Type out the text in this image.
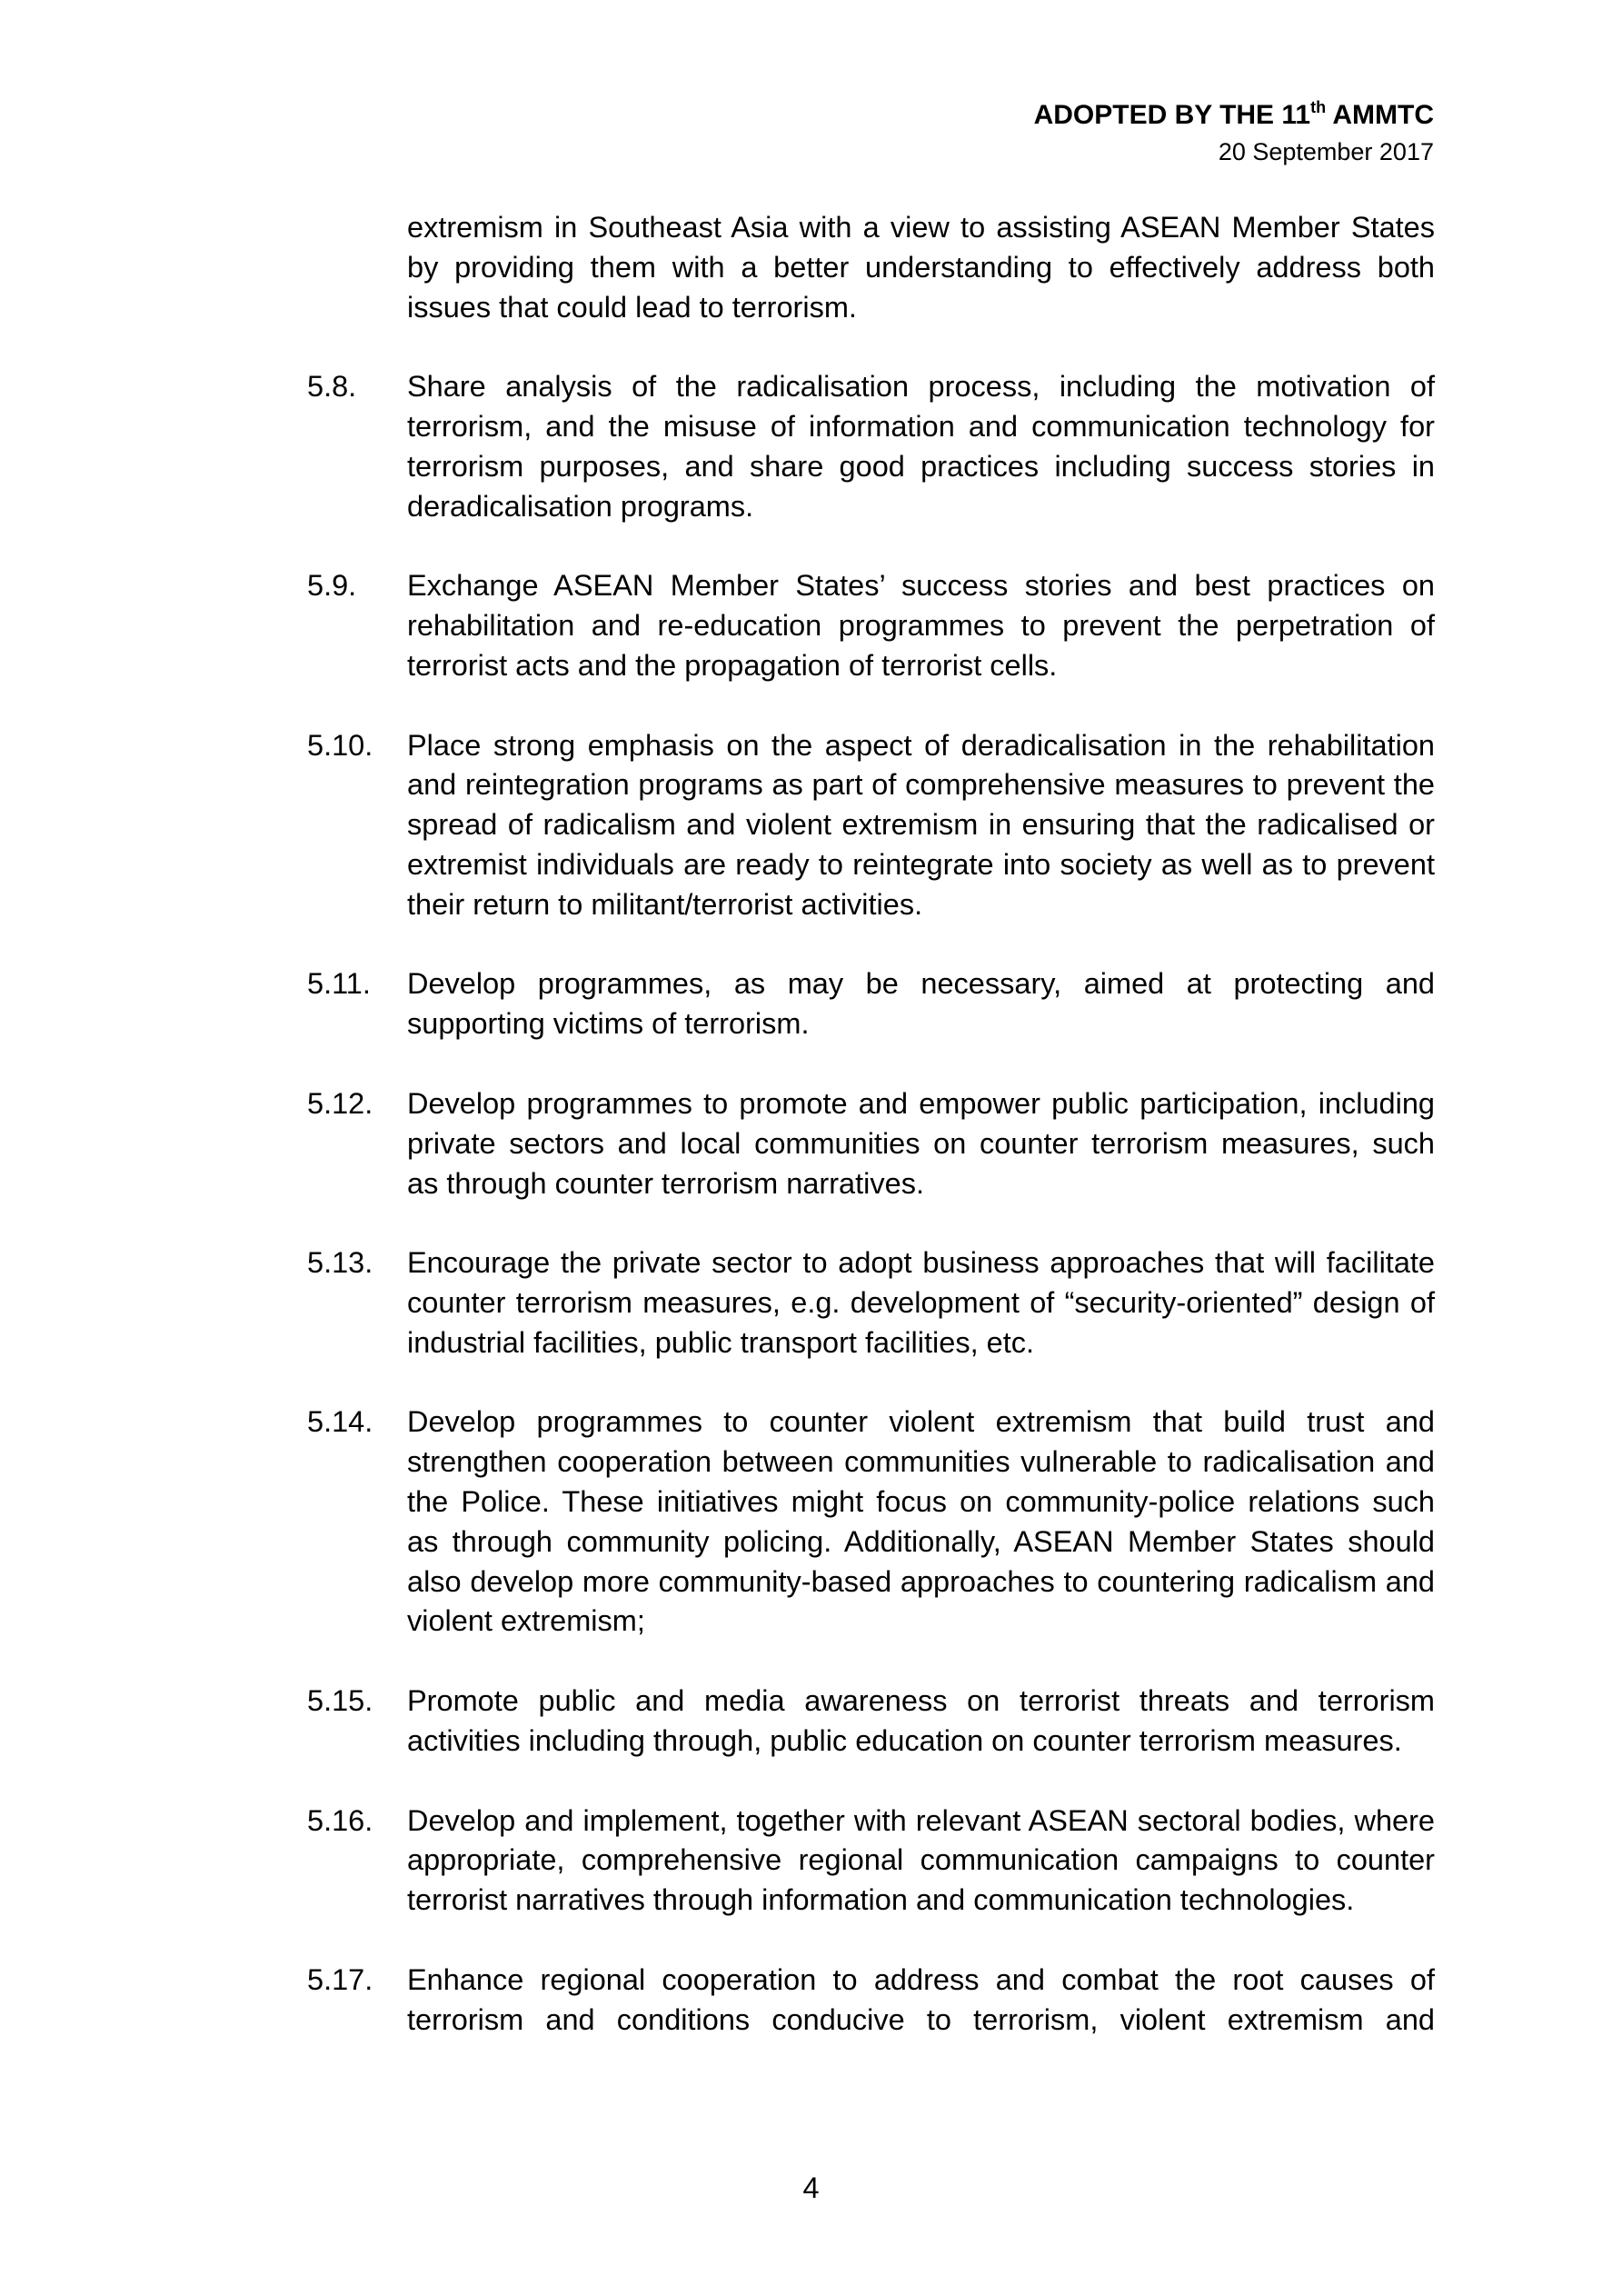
ADOPTED BY THE 11th AMMTC
20 September 2017
extremism in Southeast Asia with a view to assisting ASEAN Member States
by providing them with a better understanding to effectively address both
issues that could lead to terrorism.
5.8.	Share analysis of the radicalisation process, including the motivation of
terrorism, and the misuse of information and communication technology for
terrorism purposes, and share good practices including success stories in
deradicalisation programs.
5.9.	Exchange ASEAN Member States’ success stories and best practices on
rehabilitation and re-education programmes to prevent the perpetration of
terrorist acts and the propagation of terrorist cells.
5.10.	Place strong emphasis on the aspect of deradicalisation in the rehabilitation
and reintegration programs as part of comprehensive measures to prevent the
spread of radicalism and violent extremism in ensuring that the radicalised or
extremist individuals are ready to reintegrate into society as well as to prevent
their return to militant/terrorist activities.
5.11.	Develop programmes, as may be necessary, aimed at protecting and
supporting victims of terrorism.
5.12.	Develop programmes to promote and empower public participation, including
private sectors and local communities on counter terrorism measures, such
as through counter terrorism narratives.
5.13.	Encourage the private sector to adopt business approaches that will facilitate
counter terrorism measures, e.g. development of “security-oriented” design of
industrial facilities, public transport facilities, etc.
5.14.	Develop programmes to counter violent extremism that build trust and
strengthen cooperation between communities vulnerable to radicalisation and
the Police. These initiatives might focus on community-police relations such
as through community policing. Additionally, ASEAN Member States should
also develop more community-based approaches to countering radicalism and
violent extremism;
5.15.	Promote public and media awareness on terrorist threats and terrorism
activities including through, public education on counter terrorism measures.
5.16.	Develop and implement, together with relevant ASEAN sectoral bodies, where
appropriate, comprehensive regional communication campaigns to counter
terrorist narratives through information and communication technologies.
5.17.	Enhance regional cooperation to address and combat the root causes of
terrorism and conditions conducive to terrorism, violent extremism and
4
